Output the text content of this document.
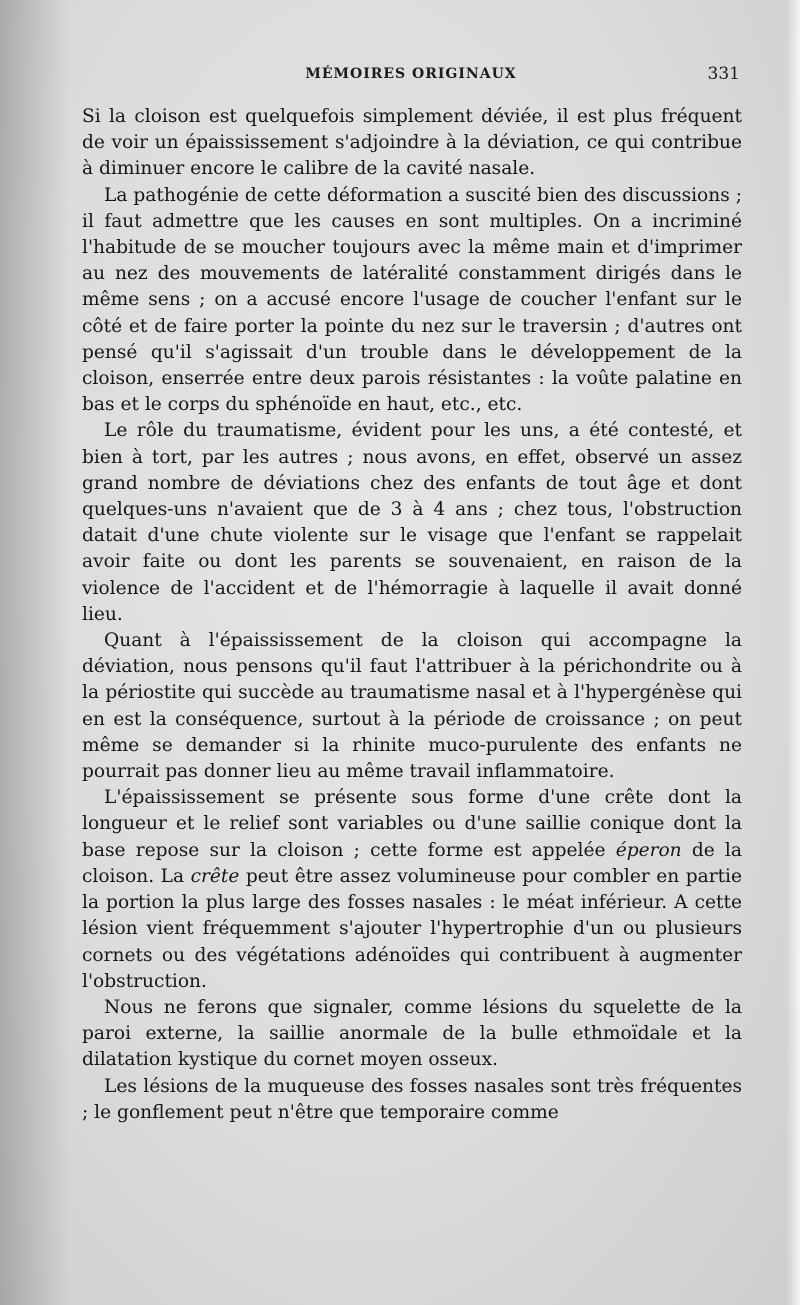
MÉMOIRES ORIGINAUX	331

Si la cloison est quelquefois simplement déviée, il est plus fréquent de voir un épaississement s'adjoindre à la déviation, ce qui contribue à diminuer encore le calibre de la cavité nasale.

La pathogénie de cette déformation a suscité bien des discussions ; il faut admettre que les causes en sont multiples. On a incriminé l'habitude de se moucher toujours avec la même main et d'imprimer au nez des mouvements de latéralité constamment dirigés dans le même sens ; on a accusé encore l'usage de coucher l'enfant sur le côté et de faire porter la pointe du nez sur le traversin ; d'autres ont pensé qu'il s'agissait d'un trouble dans le développement de la cloison, enserrée entre deux parois résistantes : la voûte palatine en bas et le corps du sphénoïde en haut, etc., etc.

Le rôle du traumatisme, évident pour les uns, a été contesté, et bien à tort, par les autres ; nous avons, en effet, observé un assez grand nombre de déviations chez des enfants de tout âge et dont quelques-uns n'avaient que de 3 à 4 ans ; chez tous, l'obstruction datait d'une chute violente sur le visage que l'enfant se rappelait avoir faite ou dont les parents se souvenaient, en raison de la violence de l'accident et de l'hémorragie à laquelle il avait donné lieu.

Quant à l'épaississement de la cloison qui accompagne la déviation, nous pensons qu'il faut l'attribuer à la périchondrite ou à la périostite qui succède au traumatisme nasal et à l'hypergénèse qui en est la conséquence, surtout à la période de croissance ; on peut même se demander si la rhinite muco-purulente des enfants ne pourrait pas donner lieu au même travail inflammatoire.

L'épaississement se présente sous forme d'une crête dont la longueur et le relief sont variables ou d'une saillie conique dont la base repose sur la cloison ; cette forme est appelée éperon de la cloison. La crête peut être assez volumineuse pour combler en partie la portion la plus large des fosses nasales : le méat inférieur. A cette lésion vient fréquemment s'ajouter l'hypertrophie d'un ou plusieurs cornets ou des végétations adénoïdes qui contribuent à augmenter l'obstruction.

Nous ne ferons que signaler, comme lésions du squelette de la paroi externe, la saillie anormale de la bulle ethmoïdale et la dilatation kystique du cornet moyen osseux.

Les lésions de la muqueuse des fosses nasales sont très fréquentes ; le gonflement peut n'être que temporaire comme
